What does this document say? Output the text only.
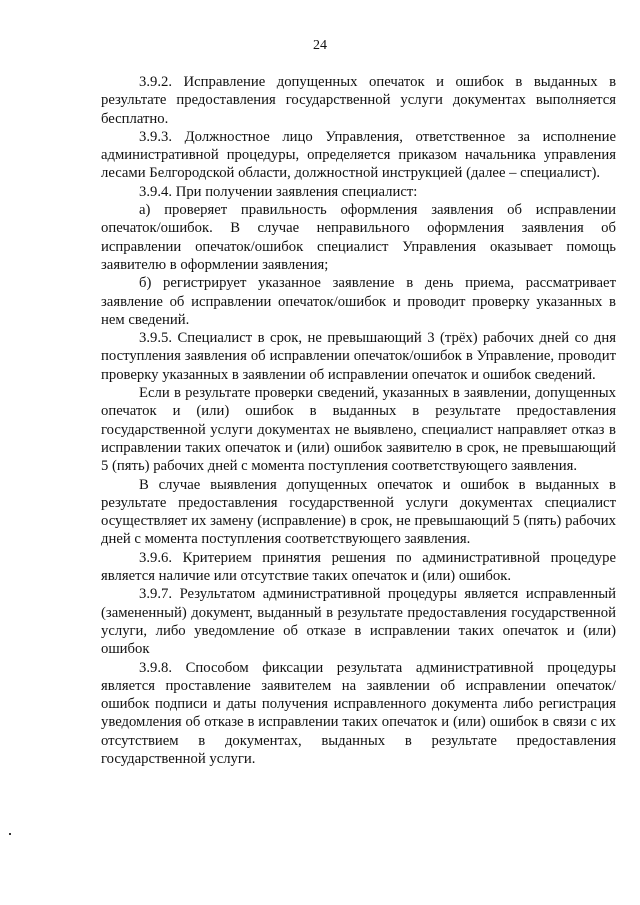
24

3.9.2. Исправление допущенных опечаток и ошибок в выданных в результате предоставления государственной услуги документах выполняется бесплатно.

3.9.3. Должностное лицо Управления, ответственное за исполнение административной процедуры, определяется приказом начальника управления лесами Белгородской области, должностной инструкцией (далее – специалист).

3.9.4. При получении заявления специалист:

а) проверяет правильность оформления заявления об исправлении опечаток/ошибок. В случае неправильного оформления заявления об исправлении опечаток/ошибок специалист Управления оказывает помощь заявителю в оформлении заявления;

б) регистрирует указанное заявление в день приема, рассматривает заявление об исправлении опечаток/ошибок и проводит проверку указанных в нем сведений.

3.9.5. Специалист в срок, не превышающий 3 (трёх) рабочих дней со дня поступления заявления об исправлении опечаток/ошибок в Управление, проводит проверку указанных в заявлении об исправлении опечаток и ошибок сведений.

Если в результате проверки сведений, указанных в заявлении, допущенных опечаток и (или) ошибок в выданных в результате предоставления государственной услуги документах не выявлено, специалист направляет отказ в исправлении таких опечаток и (или) ошибок заявителю в срок, не превышающий 5 (пять) рабочих дней с момента поступления соответствующего заявления.

В случае выявления допущенных опечаток и ошибок в выданных в результате предоставления государственной услуги документах специалист осуществляет их замену (исправление) в срок, не превышающий 5 (пять) рабочих дней с момента поступления соответствующего заявления.

3.9.6. Критерием принятия решения по административной процедуре является наличие или отсутствие таких опечаток и (или) ошибок.

3.9.7. Результатом административной процедуры является исправленный (замененный) документ, выданный в результате предоставления государственной услуги, либо уведомление об отказе в исправлении таких опечаток и (или) ошибок

3.9.8. Способом фиксации результата административной процедуры является проставление заявителем на заявлении об исправлении опечаток/ошибок подписи и даты получения исправленного документа либо регистрация уведомления об отказе в исправлении таких опечаток и (или) ошибок в связи с их отсутствием в документах, выданных в результате предоставления государственной услуги.
